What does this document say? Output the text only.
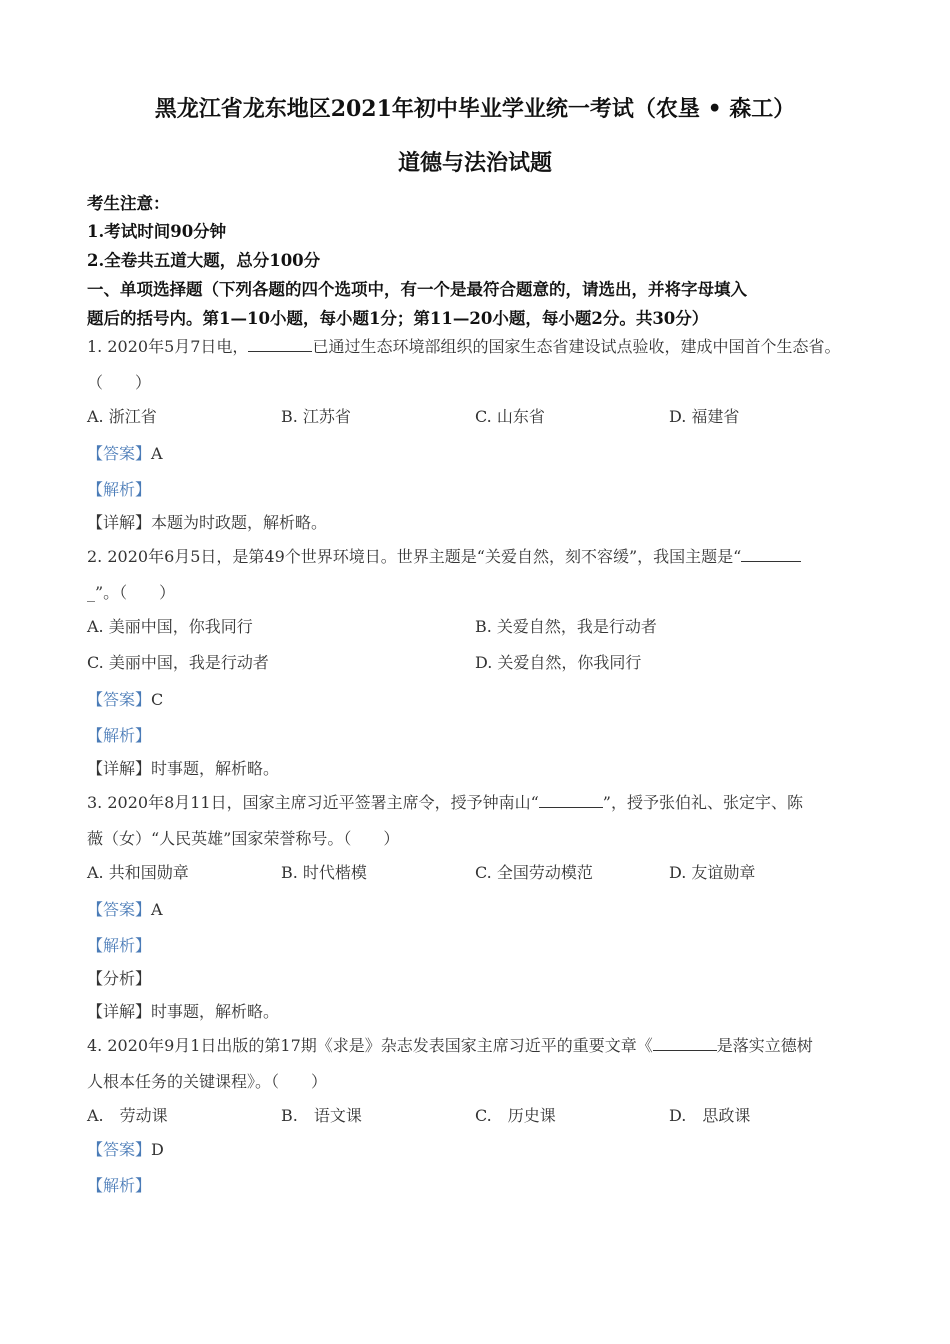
黑龙江省龙东地区2021年初中毕业学业统一考试（农垦 • 森工）
道德与法治试题
考生注意：
1.考试时间90分钟
2.全卷共五道大题，总分100分
一、单项选择题（下列各题的四个选项中，有一个是最符合题意的，请选出，并将字母填入
题后的括号内。第1—10小题，每小题1分；第11—20小题，每小题2分。共30分）
1. 2020年5月7日电，	已通过生态环境部组织的国家生态省建设试点验收，建成中国首个生态省。
（　　）
A. 浙江省	B. 江苏省	C. 山东省	D. 福建省
【答案】A
【解析】
【详解】本题为时政题，解析略。
2. 2020年6月5日，是第49个世界环境日。世界主题是“关爱自然，刻不容缓”，我国主题是“
_”。（　　）
A. 美丽中国，你我同行	B. 关爱自然，我是行动者
C. 美丽中国，我是行动者	D. 关爱自然，你我同行
【答案】C
【解析】
【详解】时事题，解析略。
3. 2020年8月11日，国家主席习近平签署主席令，授予钟南山“	”，授予张伯礼、张定宇、陈
薇（女）“人民英雄”国家荣誉称号。（　　）
A. 共和国勋章	B. 时代楷模	C. 全国劳动模范	D. 友谊勋章
【答案】A
【解析】
【分析】
【详解】时事题，解析略。
4. 2020年9月1日出版的第17期《求是》杂志发表国家主席习近平的重要文章《	是落实立德树
人根本任务的关键课程》。（　　）
A.　劳动课	B.　语文课	C.　历史课	D.　思政课
【答案】D
【解析】
